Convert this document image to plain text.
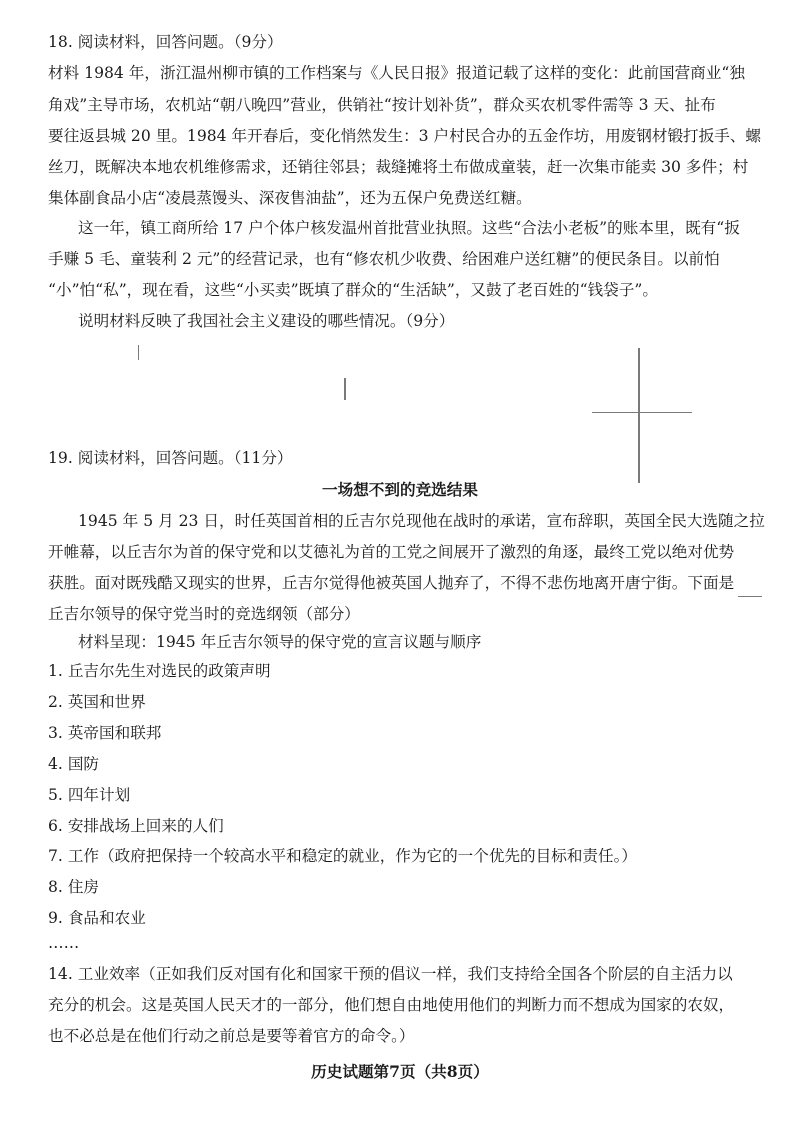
18. 阅读材料，回答问题。（9分）
材料 1984 年，浙江温州柳市镇的工作档案与《人民日报》报道记载了这样的变化：此前国营商业“独
角戏”主导市场，农机站“朝八晚四”营业，供销社“按计划补货”，群众买农机零件需等 3 天、扯布
要往返县城 20 里。1984 年开春后，变化悄然发生：3 户村民合办的五金作坊，用废钢材锻打扳手、螺
丝刀，既解决本地农机维修需求，还销往邻县；裁缝摊将土布做成童装，赶一次集市能卖 30 多件；村
集体副食品小店“凌晨蒸馒头、深夜售油盐”，还为五保户免费送红糖。
这一年，镇工商所给 17 户个体户核发温州首批营业执照。这些“合法小老板”的账本里，既有“扳
手赚 5 毛、童装利 2 元”的经营记录，也有“修农机少收费、给困难户送红糖”的便民条目。以前怕
“小”怕“私”，现在看，这些“小买卖”既填了群众的“生活缺”，又鼓了老百姓的“钱袋子”。
说明材料反映了我国社会主义建设的哪些情况。（9分）
19. 阅读材料，回答问题。（11分）
一场想不到的竞选结果
1945 年 5 月 23 日，时任英国首相的丘吉尔兑现他在战时的承诺，宣布辞职，英国全民大选随之拉
开帷幕，以丘吉尔为首的保守党和以艾德礼为首的工党之间展开了激烈的角逐，最终工党以绝对优势
获胜。面对既残酷又现实的世界，丘吉尔觉得他被英国人抛弃了，不得不悲伤地离开唐宁街。下面是
丘吉尔领导的保守党当时的竞选纲领（部分）
材料呈现：1945 年丘吉尔领导的保守党的宣言议题与顺序
1. 丘吉尔先生对选民的政策声明
2. 英国和世界
3. 英帝国和联邦
4. 国防
5. 四年计划
6. 安排战场上回来的人们
7. 工作（政府把保持一个较高水平和稳定的就业，作为它的一个优先的目标和责任。）
8. 住房
9. 食品和农业
……
14. 工业效率（正如我们反对国有化和国家干预的倡议一样，我们支持给全国各个阶层的自主活力以
充分的机会。这是英国人民天才的一部分，他们想自由地使用他们的判断力而不想成为国家的农奴，
也不必总是在他们行动之前总是要等着官方的命令。）
历史试题第7页（共8页）
